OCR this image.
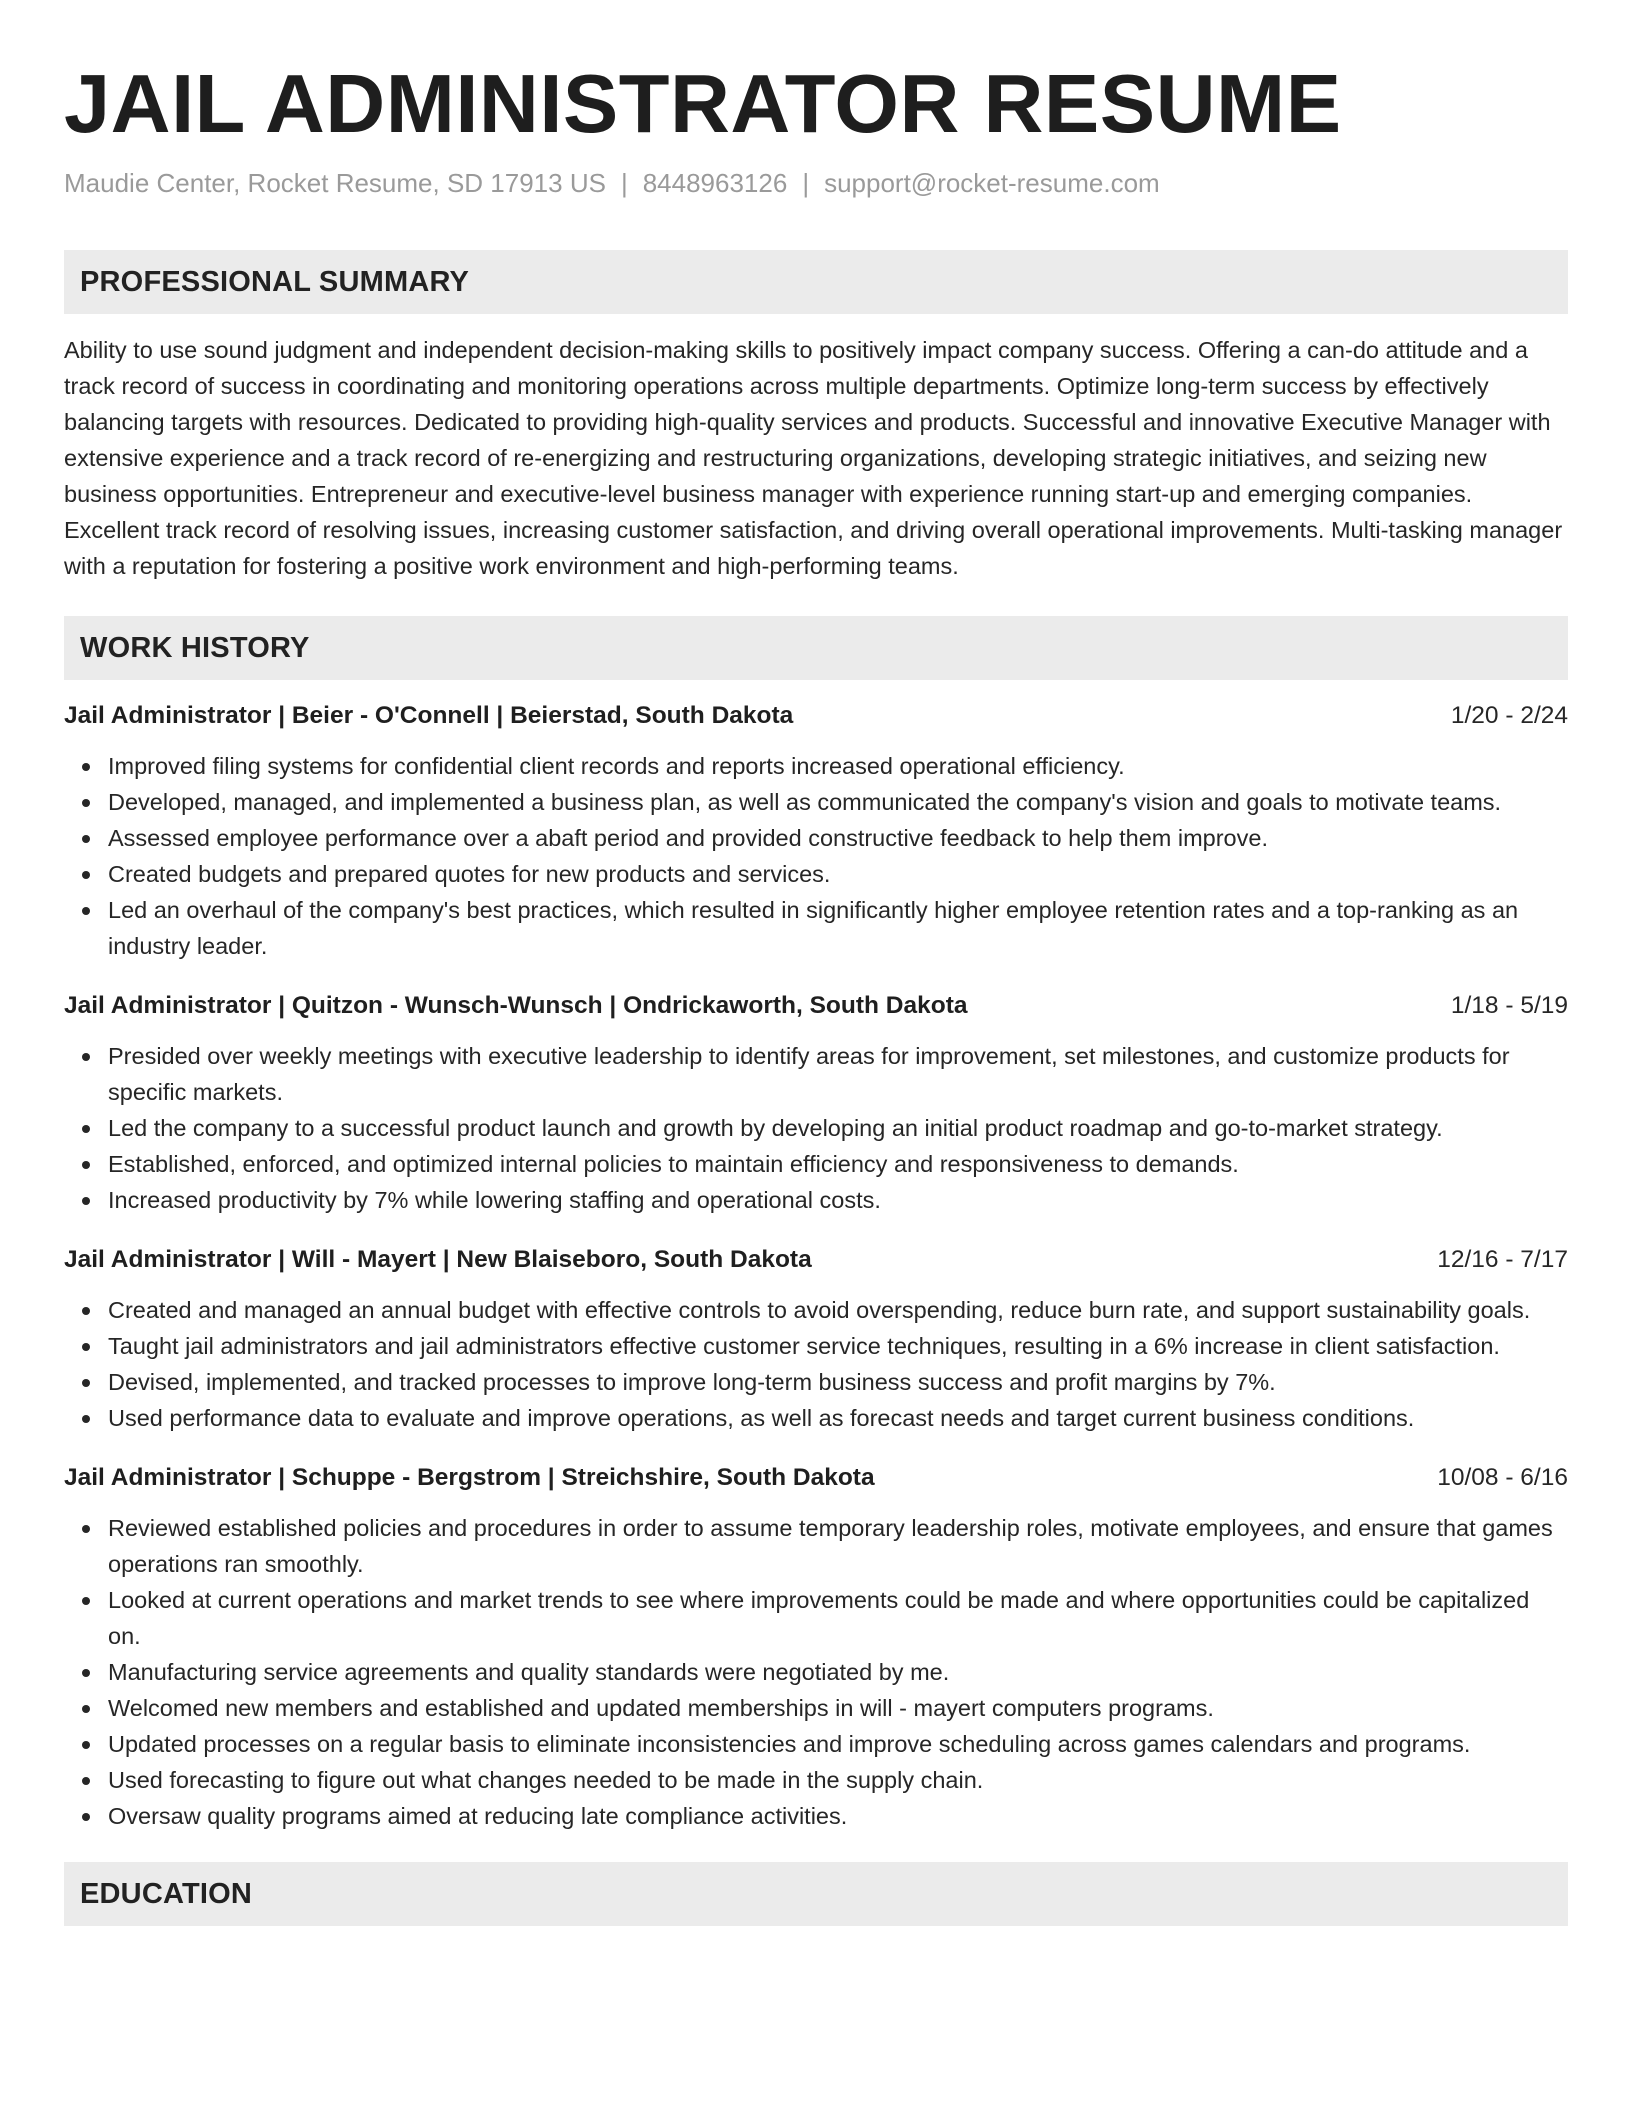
JAIL ADMINISTRATOR RESUME
Maudie Center, Rocket Resume, SD 17913 US | 8448963126 | support@rocket-resume.com
PROFESSIONAL SUMMARY

Ability to use sound judgment and independent decision-making skills to positively impact company success. Offering a can-do attitude and a track record of success in coordinating and monitoring operations across multiple departments. Optimize long-term success by effectively balancing targets with resources. Dedicated to providing high-quality services and products. Successful and innovative Executive Manager with extensive experience and a track record of re-energizing and restructuring organizations, developing strategic initiatives, and seizing new business opportunities. Entrepreneur and executive-level business manager with experience running start-up and emerging companies. Excellent track record of resolving issues, increasing customer satisfaction, and driving overall operational improvements. Multi-tasking manager with a reputation for fostering a positive work environment and high-performing teams.

WORK HISTORY
Jail Administrator | Beier - O'Connell | Beierstad, South Dakota	1/20 - 2/24
Improved filing systems for confidential client records and reports increased operational efficiency.
Developed, managed, and implemented a business plan, as well as communicated the company's vision and goals to motivate teams.
Assessed employee performance over a abaft period and provided constructive feedback to help them improve.
Created budgets and prepared quotes for new products and services.
Led an overhaul of the company's best practices, which resulted in significantly higher employee retention rates and a top-ranking as an industry leader.
Jail Administrator | Quitzon - Wunsch-Wunsch | Ondrickaworth, South Dakota	1/18 - 5/19
Presided over weekly meetings with executive leadership to identify areas for improvement, set milestones, and customize products for specific markets.
Led the company to a successful product launch and growth by developing an initial product roadmap and go-to-market strategy.
Established, enforced, and optimized internal policies to maintain efficiency and responsiveness to demands.
Increased productivity by 7% while lowering staffing and operational costs.
Jail Administrator | Will - Mayert | New Blaiseboro, South Dakota	12/16 - 7/17
Created and managed an annual budget with effective controls to avoid overspending, reduce burn rate, and support sustainability goals.
Taught jail administrators and jail administrators effective customer service techniques, resulting in a 6% increase in client satisfaction.
Devised, implemented, and tracked processes to improve long-term business success and profit margins by 7%.
Used performance data to evaluate and improve operations, as well as forecast needs and target current business conditions.
Jail Administrator | Schuppe - Bergstrom | Streichshire, South Dakota	10/08 - 6/16
Reviewed established policies and procedures in order to assume temporary leadership roles, motivate employees, and ensure that games operations ran smoothly.
Looked at current operations and market trends to see where improvements could be made and where opportunities could be capitalized on.
Manufacturing service agreements and quality standards were negotiated by me.
Welcomed new members and established and updated memberships in will - mayert computers programs.
Updated processes on a regular basis to eliminate inconsistencies and improve scheduling across games calendars and programs.
Used forecasting to figure out what changes needed to be made in the supply chain.
Oversaw quality programs aimed at reducing late compliance activities.
EDUCATION
